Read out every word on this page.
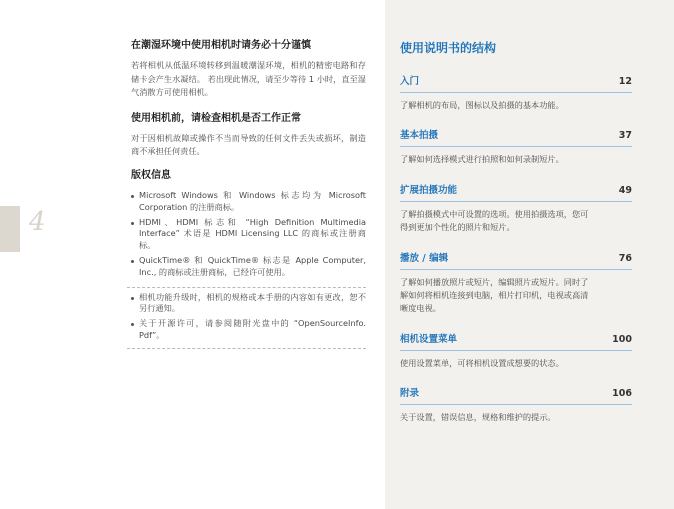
4
在潮湿环境中使用相机时请务必十分谨慎

若将相机从低温环境转移到温暖潮湿环境，相机的精密电路和存储卡会产生水凝结。 若出现此情况，请至少等待 1 小时，直至湿气消散方可使用相机。

使用相机前，请检查相机是否工作正常

对于因相机故障或操作不当而导致的任何文件丢失或损坏，制造商不承担任何责任。

版权信息
Microsoft Windows 和 Windows 标志均为 Microsoft Corporation 的注册商标。
HDMI、HDMI 标志和 “High Definition Multimedia Interface” 术语是 HDMI Licensing LLC 的商标或注册商标。
QuickTime® 和 QuickTime® 标志是 Apple Computer, Inc., 的商标或注册商标，已经许可使用。
相机功能升级时，相机的规格或本手册的内容如有更改，恕不另行通知。
关于开源许可，请参阅随附光盘中的 “OpenSourceInfo. Pdf”。
使用说明书的结构
入门	12
了解相机的布局，图标以及拍摄的基本功能。
基本拍摄	37
了解如何选择模式进行拍照和如何录制短片。
扩展拍摄功能	49
了解拍摄模式中可设置的选项。使用拍摄选项，您可得到更加个性化的照片和短片。
播放 / 编辑	76
了解如何播放照片或短片，编辑照片或短片。同时了解如何将相机连接到电脑，相片打印机，电视或高清晰度电视。
相机设置菜单	100
使用设置菜单，可将相机设置成想要的状态。
附录	106
关于设置，错误信息，规格和维护的提示。
